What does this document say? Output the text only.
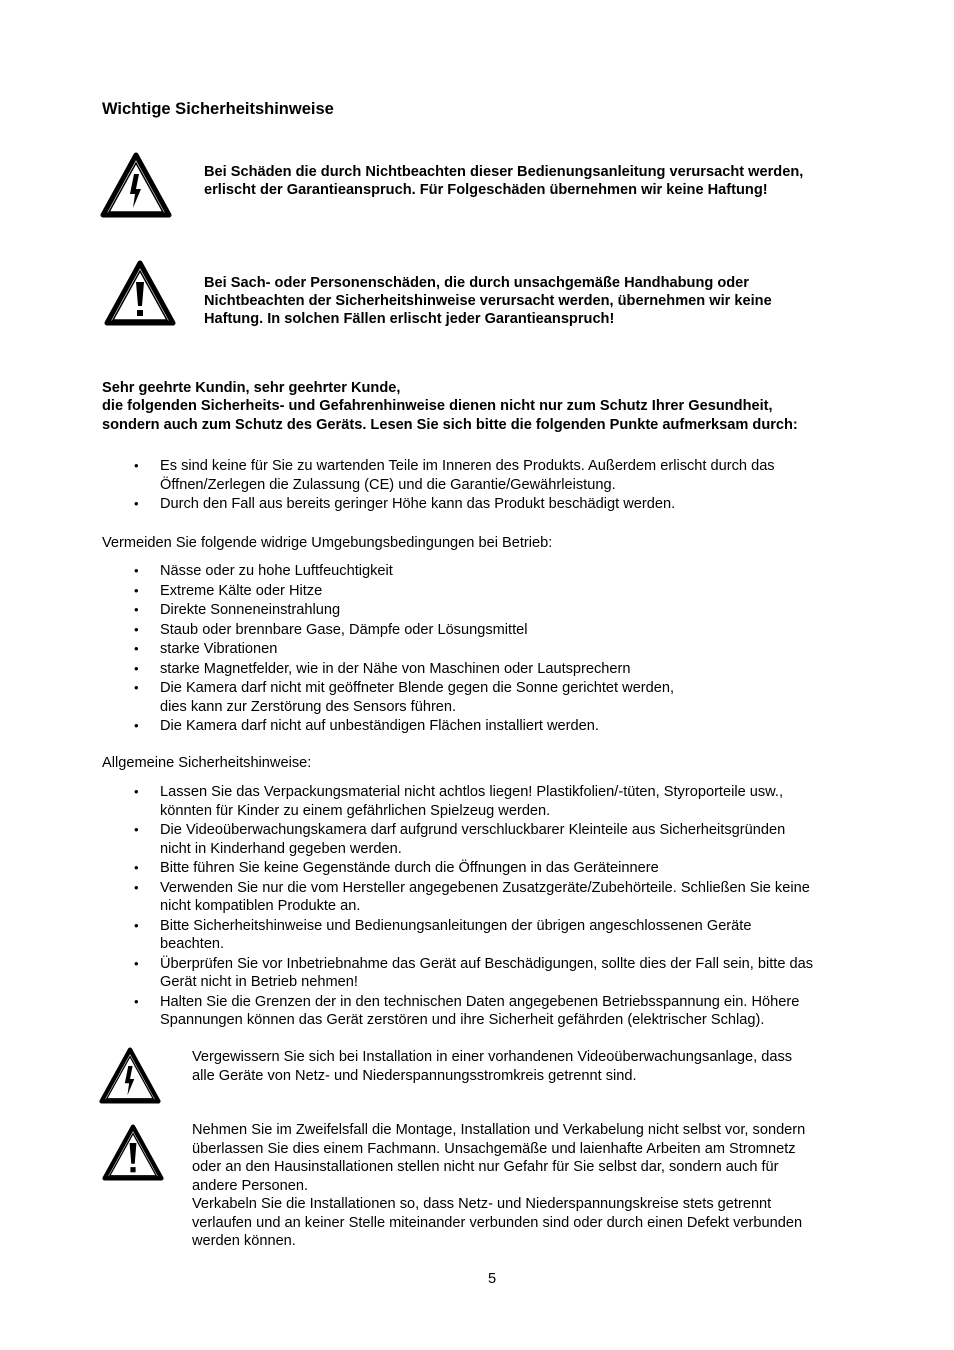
Wichtige Sicherheitshinweise
Bei Schäden die durch Nichtbeachten dieser Bedienungsanleitung verursacht werden,
erlischt der Garantieanspruch. Für Folgeschäden übernehmen wir keine Haftung!
Bei Sach- oder Personenschäden, die durch unsachgemäße Handhabung oder
Nichtbeachten der Sicherheitshinweise verursacht werden, übernehmen wir keine
Haftung. In solchen Fällen erlischt jeder Garantieanspruch!
Sehr geehrte Kundin, sehr geehrter Kunde,
die folgenden Sicherheits- und Gefahrenhinweise dienen nicht nur zum Schutz Ihrer Gesundheit,
sondern auch zum Schutz des Geräts. Lesen Sie sich bitte die folgenden Punkte aufmerksam durch:
• Es sind keine für Sie zu wartenden Teile im Inneren des Produkts. Außerdem erlischt durch das
Öffnen/Zerlegen die Zulassung (CE) und die Garantie/Gewährleistung.
• Durch den Fall aus bereits geringer Höhe kann das Produkt beschädigt werden.
Vermeiden Sie folgende widrige Umgebungsbedingungen bei Betrieb:
• Nässe oder zu hohe Luftfeuchtigkeit
• Extreme Kälte oder Hitze
• Direkte Sonneneinstrahlung
• Staub oder brennbare Gase, Dämpfe oder Lösungsmittel
• starke Vibrationen
• starke Magnetfelder, wie in der Nähe von Maschinen oder Lautsprechern
• Die Kamera darf nicht mit geöffneter Blende gegen die Sonne gerichtet werden,
dies kann zur Zerstörung des Sensors führen.
• Die Kamera darf nicht auf unbeständigen Flächen installiert werden.
Allgemeine Sicherheitshinweise:
• Lassen Sie das Verpackungsmaterial nicht achtlos liegen! Plastikfolien/-tüten, Styroporteile usw.,
könnten für Kinder zu einem gefährlichen Spielzeug werden.
• Die Videoüberwachungskamera darf aufgrund verschluckbarer Kleinteile aus Sicherheitsgründen
nicht in Kinderhand gegeben werden.
• Bitte führen Sie keine Gegenstände durch die Öffnungen in das Geräteinnere
• Verwenden Sie nur die vom Hersteller angegebenen Zusatzgeräte/Zubehörteile. Schließen Sie keine
nicht kompatiblen Produkte an.
• Bitte Sicherheitshinweise und Bedienungsanleitungen der übrigen angeschlossenen Geräte
beachten.
• Überprüfen Sie vor Inbetriebnahme das Gerät auf Beschädigungen, sollte dies der Fall sein, bitte das
Gerät nicht in Betrieb nehmen!
• Halten Sie die Grenzen der in den technischen Daten angegebenen Betriebsspannung ein. Höhere
Spannungen können das Gerät zerstören und ihre Sicherheit gefährden (elektrischer Schlag).
Vergewissern Sie sich bei Installation in einer vorhandenen Videoüberwachungsanlage, dass
alle Geräte von Netz- und Niederspannungsstromkreis getrennt sind.
Nehmen Sie im Zweifelsfall die Montage, Installation und Verkabelung nicht selbst vor, sondern
überlassen Sie dies einem Fachmann. Unsachgemäße und laienhafte Arbeiten am Stromnetz
oder an den Hausinstallationen stellen nicht nur Gefahr für Sie selbst dar, sondern auch für
andere Personen.
Verkabeln Sie die Installationen so, dass Netz- und Niederspannungskreise stets getrennt
verlaufen und an keiner Stelle miteinander verbunden sind oder durch einen Defekt verbunden
werden können.
5
